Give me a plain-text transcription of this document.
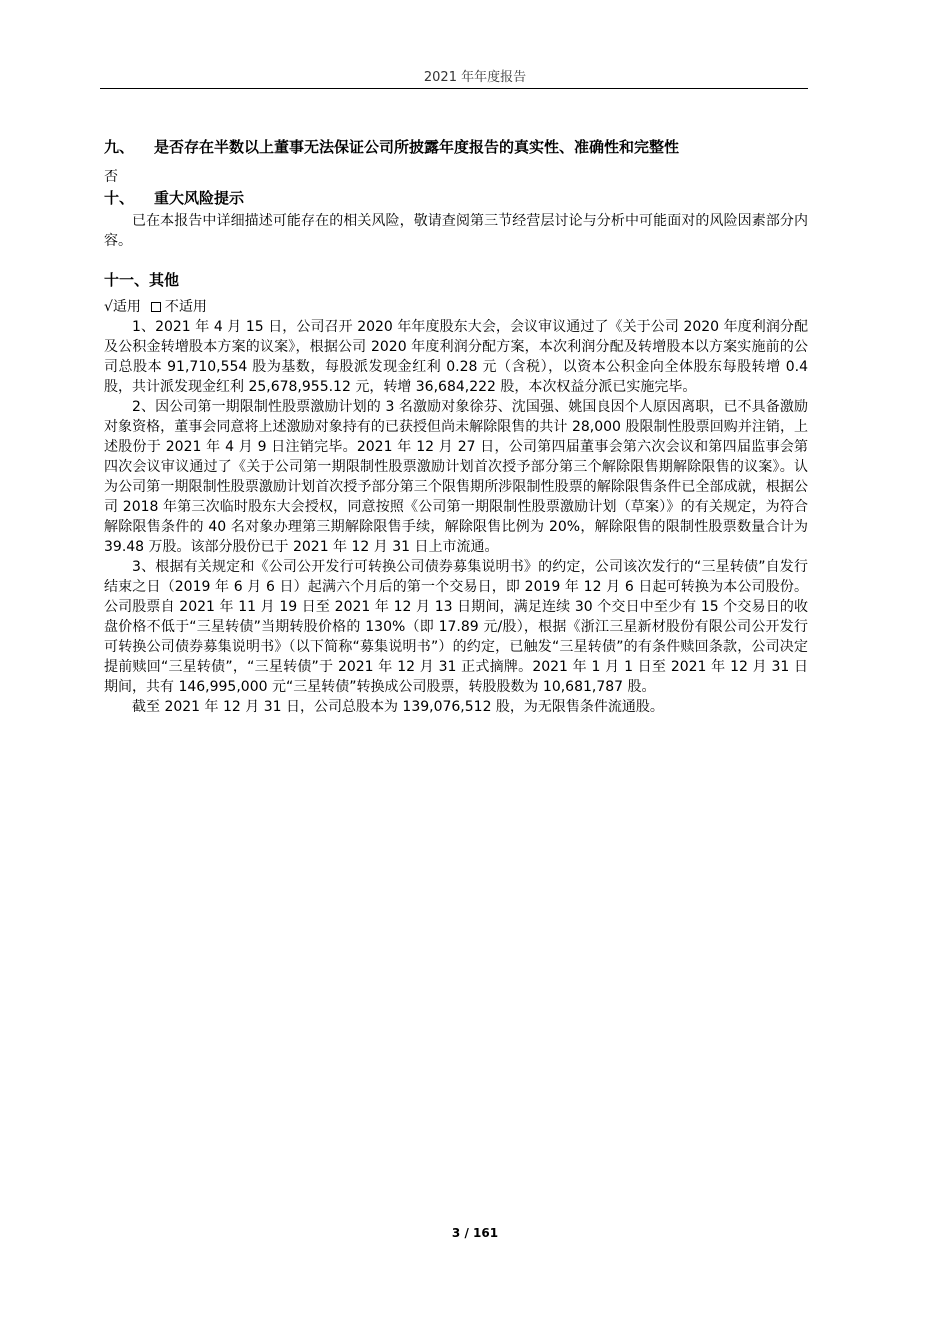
2021 年年度报告
九、	是否存在半数以上董事无法保证公司所披露年度报告的真实性、准确性和完整性
否
十、	重大风险提示

已在本报告中详细描述可能存在的相关风险，敬请查阅第三节经营层讨论与分析中可能面对的风险因素部分内容。

十一、其他
√适用 不适用

1、2021 年 4 月 15 日，公司召开 2020 年年度股东大会，会议审议通过了《关于公司 2020 年度利润分配及公积金转增股本方案的议案》，根据公司 2020 年度利润分配方案，本次利润分配及转增股本以方案实施前的公司总股本 91,710,554 股为基数，每股派发现金红利 0.28 元（含税），以资本公积金向全体股东每股转增 0.4 股，共计派发现金红利 25,678,955.12 元，转增 36,684,222 股，本次权益分派已实施完毕。

2、因公司第一期限制性股票激励计划的 3 名激励对象徐芬、沈国强、姚国良因个人原因离职，已不具备激励对象资格，董事会同意将上述激励对象持有的已获授但尚未解除限售的共计 28,000 股限制性股票回购并注销，上述股份于 2021 年 4 月 9 日注销完毕。2021 年 12 月 27 日，公司第四届董事会第六次会议和第四届监事会第四次会议审议通过了《关于公司第一期限制性股票激励计划首次授予部分第三个解除限售期解除限售的议案》。认为公司第一期限制性股票激励计划首次授予部分第三个限售期所涉限制性股票的解除限售条件已全部成就，根据公司 2018 年第三次临时股东大会授权，同意按照《公司第一期限制性股票激励计划（草案）》的有关规定，为符合解除限售条件的 40 名对象办理第三期解除限售手续，解除限售比例为 20%，解除限售的限制性股票数量合计为 39.48 万股。该部分股份已于 2021 年 12 月 31 日上市流通。

3、根据有关规定和《公司公开发行可转换公司债券募集说明书》的约定，公司该次发行的“三星转债”自发行结束之日（2019 年 6 月 6 日）起满六个月后的第一个交易日，即 2019 年 12 月 6 日起可转换为本公司股份。公司股票自 2021 年 11 月 19 日至 2021 年 12 月 13 日期间，满足连续 30 个交日中至少有 15 个交易日的收盘价格不低于“三星转债”当期转股价格的 130%（即 17.89 元/股），根据《浙江三星新材股份有限公司公开发行可转换公司债券募集说明书》（以下简称“募集说明书”）的约定，已触发“三星转债”的有条件赎回条款，公司决定提前赎回“三星转债”，“三星转债”于 2021 年 12 月 31 正式摘牌。2021 年 1 月 1 日至 2021 年 12 月 31 日期间，共有 146,995,000 元“三星转债”转换成公司股票，转股股数为 10,681,787 股。

截至 2021 年 12 月 31 日，公司总股本为 139,076,512 股，为无限售条件流通股。

3 / 161
